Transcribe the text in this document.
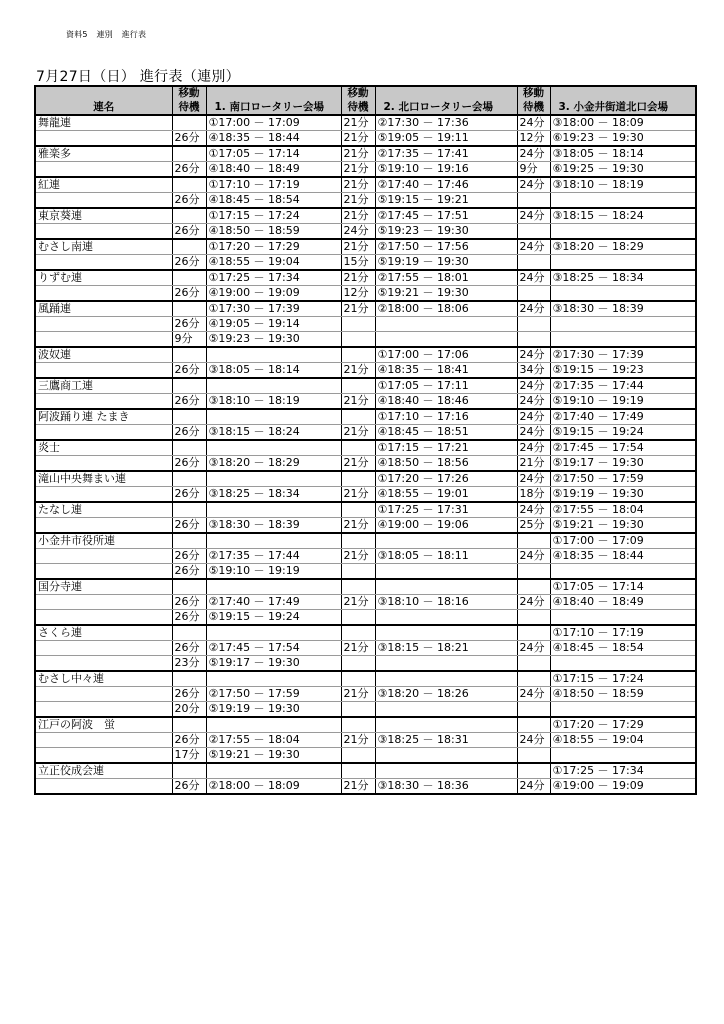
資料5 連別 進行表
7月27日（日） 進行表（連別）
連名	移動	1. 南口ロータリー会場	移動	2. 北口ロータリー会場	移動	3. 小金井街道北口会場
	待機		待機		待機	
舞龍連		①17:00 － 17:09	21分	②17:30 － 17:36	24分	③18:00 － 18:09
	26分	④18:35 － 18:44	21分	⑤19:05 － 19:11	12分	⑥19:23 － 19:30
雅楽多		①17:05 － 17:14	21分	②17:35 － 17:41	24分	③18:05 － 18:14
	26分	④18:40 － 18:49	21分	⑤19:10 － 19:16	9分	⑥19:25 － 19:30
紅連		①17:10 － 17:19	21分	②17:40 － 17:46	24分	③18:10 － 18:19
	26分	④18:45 － 18:54	21分	⑤19:15 － 19:21		
東京葵連		①17:15 － 17:24	21分	②17:45 － 17:51	24分	③18:15 － 18:24
	26分	④18:50 － 18:59	24分	⑤19:23 － 19:30		
むさし南連		①17:20 － 17:29	21分	②17:50 － 17:56	24分	③18:20 － 18:29
	26分	④18:55 － 19:04	15分	⑤19:19 － 19:30		
りずむ連		①17:25 － 17:34	21分	②17:55 － 18:01	24分	③18:25 － 18:34
	26分	④19:00 － 19:09	12分	⑤19:21 － 19:30		
風踊連		①17:30 － 17:39	21分	②18:00 － 18:06	24分	③18:30 － 18:39
	26分	④19:05 － 19:14				
	9分	⑤19:23 － 19:30				
波奴連				①17:00 － 17:06	24分	②17:30 － 17:39
	26分	③18:05 － 18:14	21分	④18:35 － 18:41	34分	⑤19:15 － 19:23
三鷹商工連				①17:05 － 17:11	24分	②17:35 － 17:44
	26分	③18:10 － 18:19	21分	④18:40 － 18:46	24分	⑤19:10 － 19:19
阿波踊り連 たまき				①17:10 － 17:16	24分	②17:40 － 17:49
	26分	③18:15 － 18:24	21分	④18:45 － 18:51	24分	⑤19:15 － 19:24
炎士				①17:15 － 17:21	24分	②17:45 － 17:54
	26分	③18:20 － 18:29	21分	④18:50 － 18:56	21分	⑤19:17 － 19:30
滝山中央舞まい連				①17:20 － 17:26	24分	②17:50 － 17:59
	26分	③18:25 － 18:34	21分	④18:55 － 19:01	18分	⑤19:19 － 19:30
たなし連				①17:25 － 17:31	24分	②17:55 － 18:04
	26分	③18:30 － 18:39	21分	④19:00 － 19:06	25分	⑤19:21 － 19:30
小金井市役所連						①17:00 － 17:09
	26分	②17:35 － 17:44	21分	③18:05 － 18:11	24分	④18:35 － 18:44
	26分	⑤19:10 － 19:19				
国分寺連						①17:05 － 17:14
	26分	②17:40 － 17:49	21分	③18:10 － 18:16	24分	④18:40 － 18:49
	26分	⑤19:15 － 19:24				
さくら連						①17:10 － 17:19
	26分	②17:45 － 17:54	21分	③18:15 － 18:21	24分	④18:45 － 18:54
	23分	⑤19:17 － 19:30				
むさし中々連						①17:15 － 17:24
	26分	②17:50 － 17:59	21分	③18:20 － 18:26	24分	④18:50 － 18:59
	20分	⑤19:19 － 19:30				
江戸の阿波　蛍						①17:20 － 17:29
	26分	②17:55 － 18:04	21分	③18:25 － 18:31	24分	④18:55 － 19:04
	17分	⑤19:21 － 19:30				
立正佼成会連						①17:25 － 17:34
	26分	②18:00 － 18:09	21分	③18:30 － 18:36	24分	④19:00 － 19:09
